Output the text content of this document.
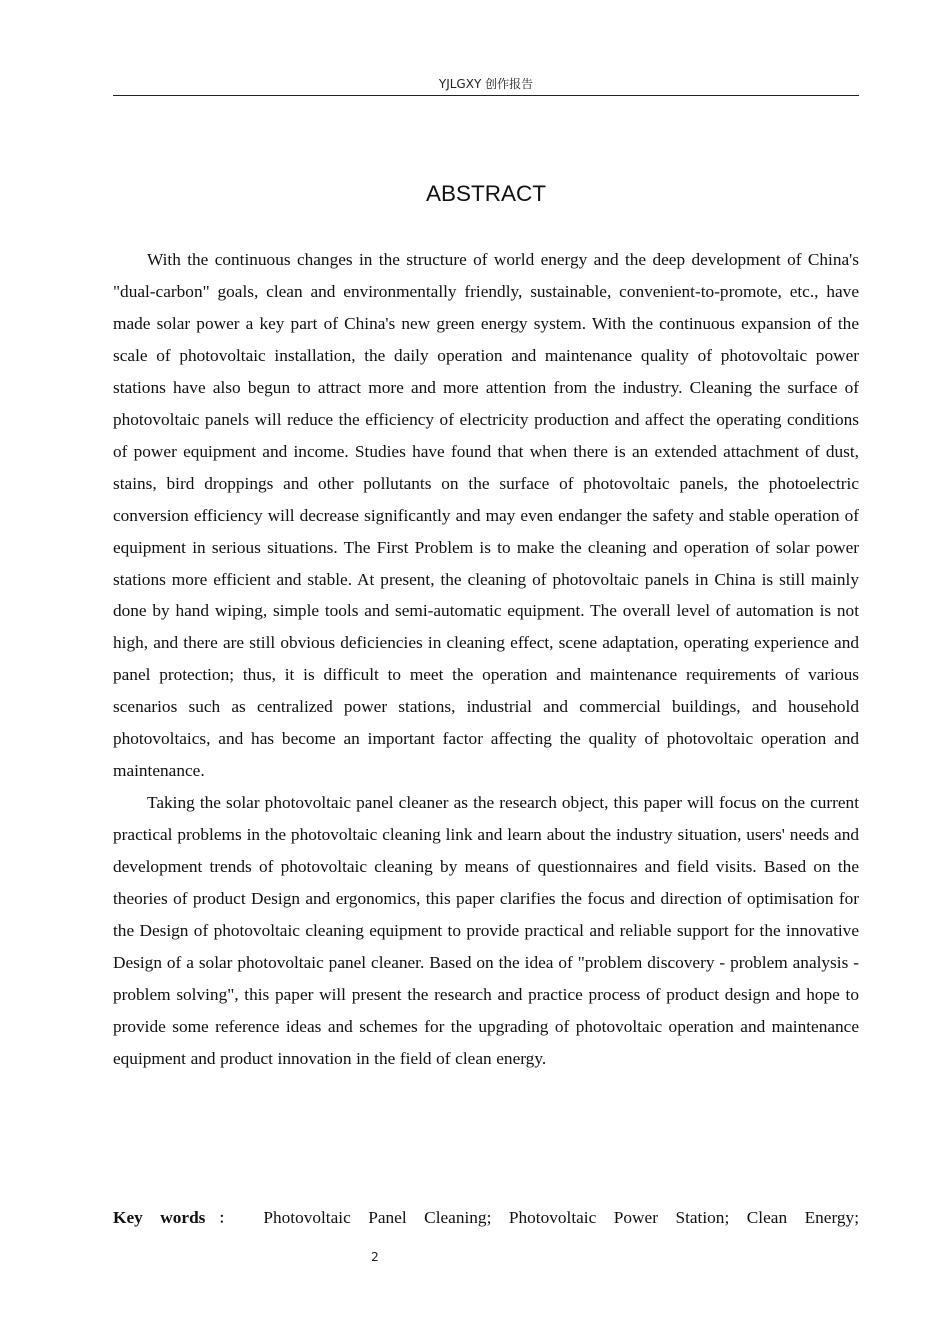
YJLGXY 创作报告
ABSTRACT

With the continuous changes in the structure of world energy and the deep development of China's "dual-carbon" goals, clean and environmentally friendly, sustainable, convenient-to-promote, etc., have made solar power a key part of China's new green energy system. With the continuous expansion of the scale of photovoltaic installation, the daily operation and maintenance quality of photovoltaic power stations have also begun to attract more and more attention from the industry. Cleaning the surface of photovoltaic panels will reduce the efficiency of electricity production and affect the operating conditions of power equipment and income. Studies have found that when there is an extended attachment of dust, stains, bird droppings and other pollutants on the surface of photovoltaic panels, the photoelectric conversion efficiency will decrease significantly and may even endanger the safety and stable operation of equipment in serious situations. The First Problem is to make the cleaning and operation of solar power stations more efficient and stable. At present, the cleaning of photovoltaic panels in China is still mainly done by hand wiping, simple tools and semi-automatic equipment. The overall level of automation is not high, and there are still obvious deficiencies in cleaning effect, scene adaptation, operating experience and panel protection; thus, it is difficult to meet the operation and maintenance requirements of various scenarios such as centralized power stations, industrial and commercial buildings, and household photovoltaics, and has become an important factor affecting the quality of photovoltaic operation and maintenance.

Taking the solar photovoltaic panel cleaner as the research object, this paper will focus on the current practical problems in the photovoltaic cleaning link and learn about the industry situation, users' needs and development trends of photovoltaic cleaning by means of questionnaires and field visits. Based on the theories of product Design and ergonomics, this paper clarifies the focus and direction of optimisation for the Design of photovoltaic cleaning equipment to provide practical and reliable support for the innovative Design of a solar photovoltaic panel cleaner. Based on the idea of "problem discovery - problem analysis - problem solving", this paper will present the research and practice process of product design and hope to provide some reference ideas and schemes for the upgrading of photovoltaic operation and maintenance equipment and product innovation in the field of clean energy.

Key words： Photovoltaic Panel Cleaning; Photovoltaic Power Station; Clean Energy;
2
